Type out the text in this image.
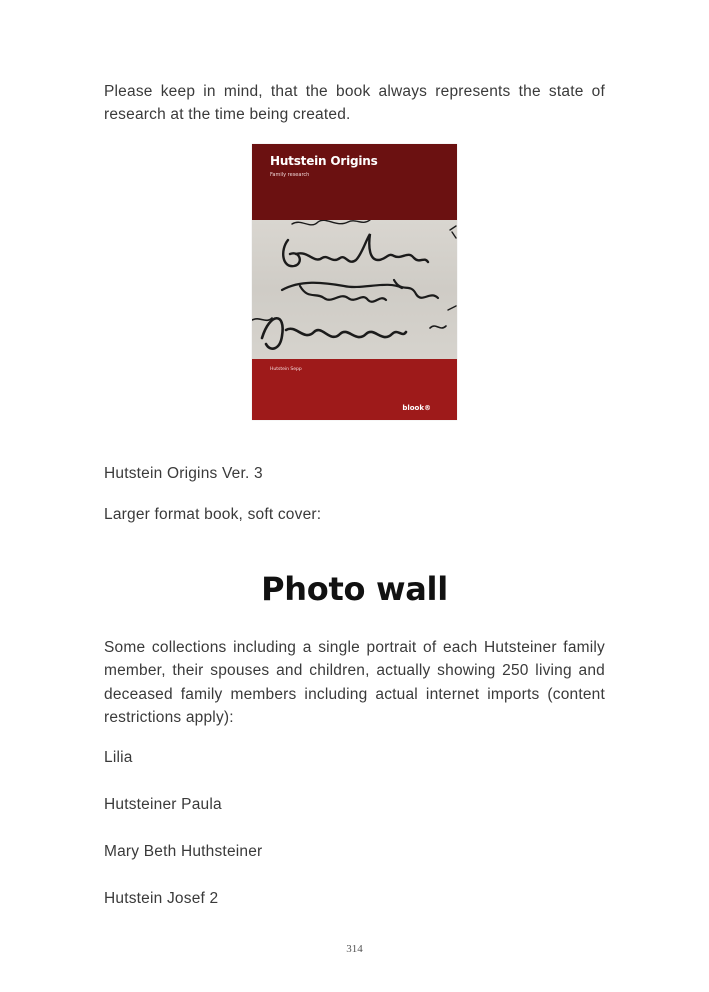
Please keep in mind, that the book always represents the state of research at the time being created.

Hutstein Origins
Family research
Hutstein Sepp
blook®

Hutstein Origins Ver. 3

Larger format book, soft cover:

Photo wall

Some collections including a single portrait of each Hutsteiner family member, their spouses and children, actually showing 250 living and deceased family members including actual internet imports (content restrictions apply):

Lilia

Hutsteiner Paula

Mary Beth Huthsteiner

Hutstein Josef 2

314
